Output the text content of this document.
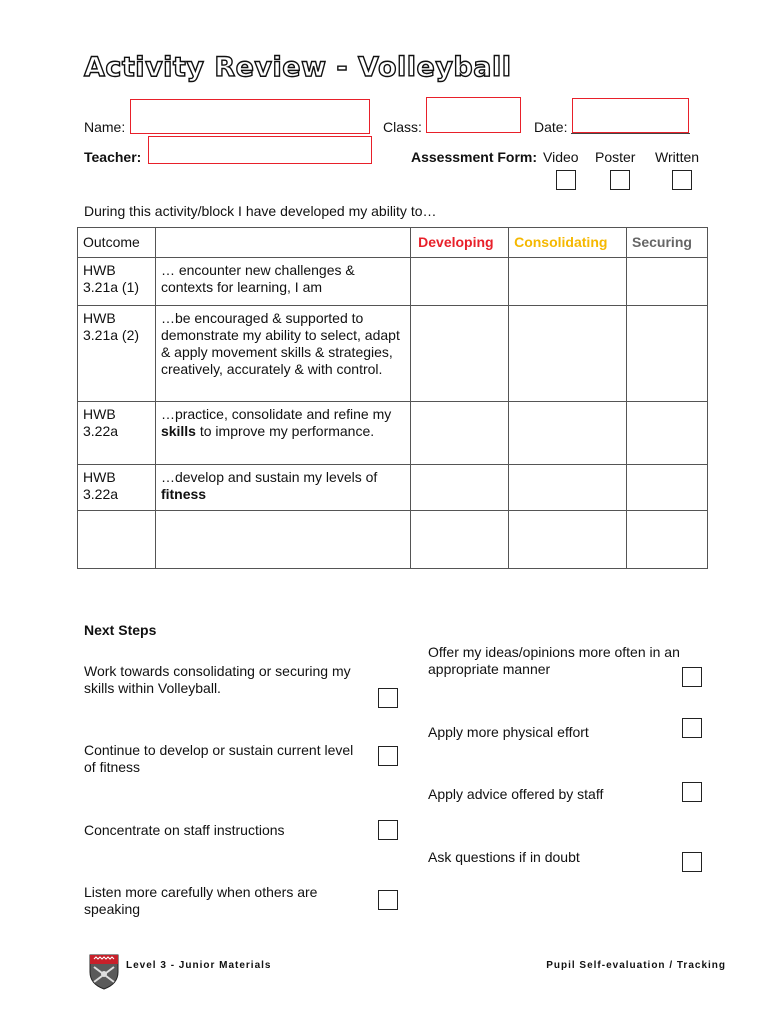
Activity Review - Volleyball
Name:	Class:	Date:
Teacher:	Assessment Form: Video Poster Written
During this activity/block I have developed my ability to…
Outcome		Developing	Consolidating	Securing
HWB 3.21a (1)	… encounter new challenges & contexts for learning, I am			
HWB 3.21a (2)	…be encouraged & supported to demonstrate my ability to select, adapt & apply movement skills & strategies, creatively, accurately & with control.			
HWB 3.22a	…practice, consolidate and refine my skills to improve my performance.			
HWB 3.22a	…develop and sustain my levels of fitness			

Next Steps
Work towards consolidating or securing my skills within Volleyball.
Continue to develop or sustain current level of fitness
Concentrate on staff instructions
Listen more carefully when others are speaking
Offer my ideas/opinions more often in an appropriate manner
Apply more physical effort
Apply advice offered by staff
Ask questions if in doubt
Level 3 - Junior Materials	Pupil Self-evaluation / Tracking
